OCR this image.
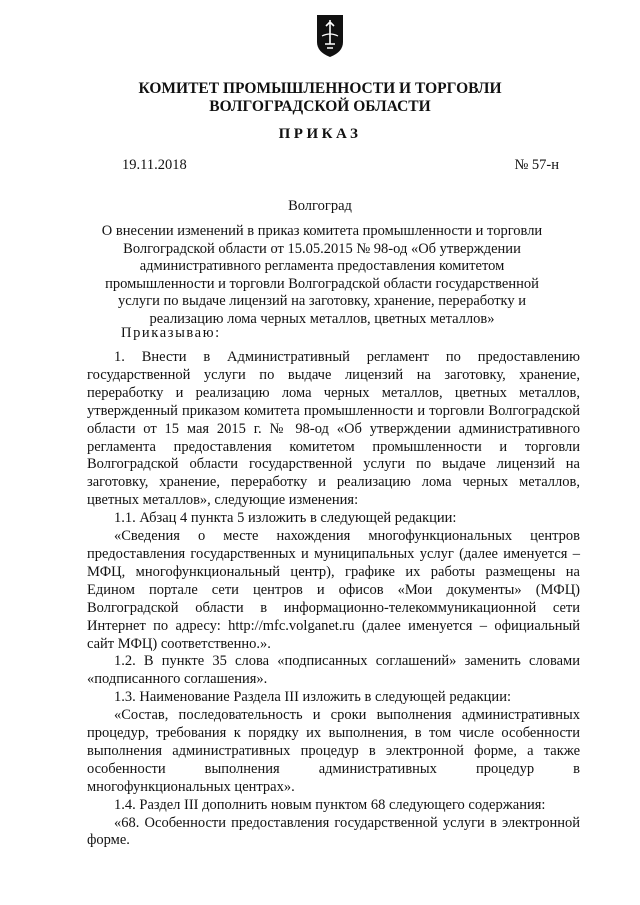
КОМИТЕТ ПРОМЫШЛЕННОСТИ И ТОРГОВЛИ
ВОЛГОГРАДСКОЙ ОБЛАСТИ
ПРИКАЗ
19.11.2018	№ 57-н
Волгоград
О внесении изменений в приказ комитета промышленности и торговли Волгоградской области от 15.05.2015 № 98-од «Об утверждении административного регламента предоставления комитетом промышленности и торговли Волгоградской области государственной услуги по выдаче лицензий на заготовку, хранение, переработку и реализацию лома черных металлов, цветных металлов»
Приказываю:

1. Внести в Административный регламент по предоставлению государственной услуги по выдаче лицензий на заготовку, хранение, переработку и реализацию лома черных металлов, цветных металлов, утвержденный приказом комитета промышленности и торговли Волгоградской области от 15 мая 2015 г. № 98-од «Об утверждении административного регламента предоставления комитетом промышленности и торговли Волгоградской области государственной услуги по выдаче лицензий на заготовку, хранение, переработку и реализацию лома черных металлов, цветных металлов», следующие изменения:

1.1. Абзац 4 пункта 5 изложить в следующей редакции:

«Сведения о месте нахождения многофункциональных центров предоставления государственных и муниципальных услуг (далее именуется – МФЦ, многофункциональный центр), графике их работы размещены на Едином портале сети центров и офисов «Мои документы» (МФЦ) Волгоградской области в информационно-телекоммуникационной сети Интернет по адресу: http://mfc.volganet.ru (далее именуется – официальный сайт МФЦ) соответственно.».

1.2. В пункте 35 слова «подписанных соглашений» заменить словами «подписанного соглашения».

1.3. Наименование Раздела III изложить в следующей редакции:

«Состав, последовательность и сроки выполнения административных процедур, требования к порядку их выполнения, в том числе особенности выполнения административных процедур в электронной форме, а также особенности выполнения административных процедур в многофункциональных центрах».

1.4. Раздел III дополнить новым пунктом 68 следующего содержания:

«68. Особенности предоставления государственной услуги в электронной форме.
